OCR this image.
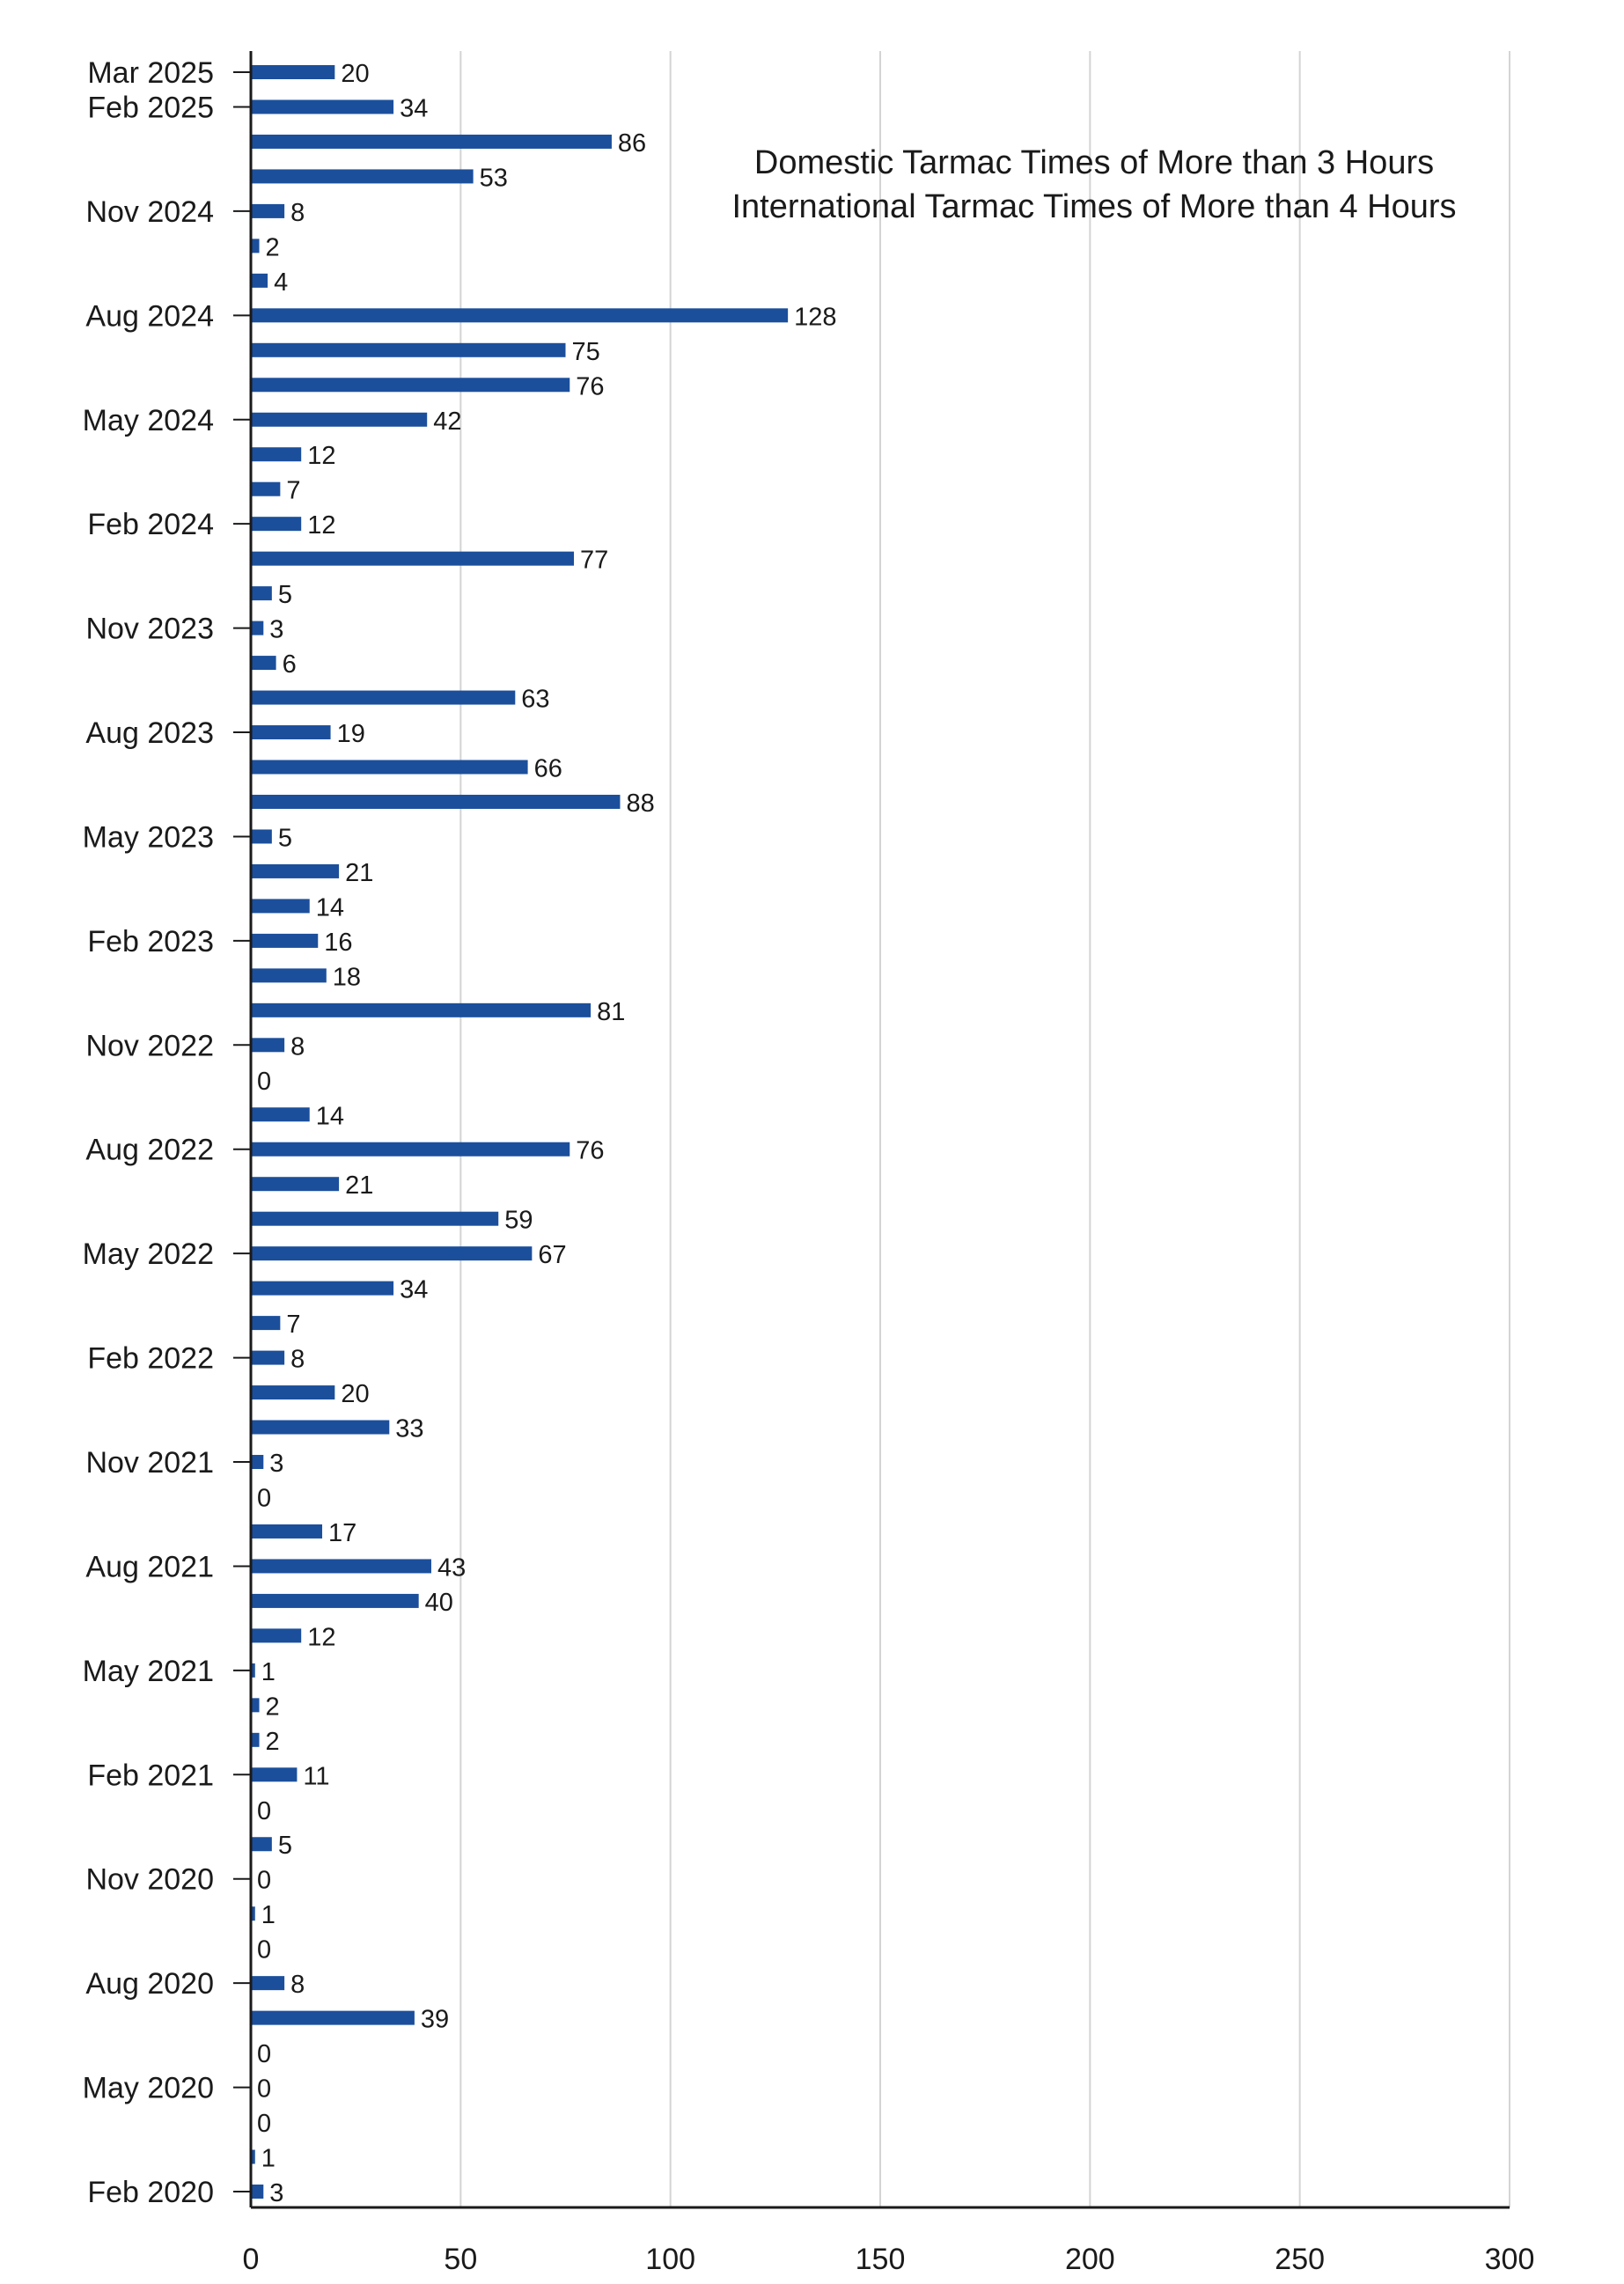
20
34
86
53
8
2
4
128
75
76
42
12
7
12
77
5
3
6
63
19
66
88
5
21
14
16
18
81
8
0
14
76
21
59
67
34
7
8
20
33
3
0
17
43
40
12
1
2
2
11
0
5
0
1
0
8
39
0
0
0
1
3
Mar 2025
Feb 2025
Nov 2024
Aug 2024
May 2024
Feb 2024
Nov 2023
Aug 2023
May 2023
Feb 2023
Nov 2022
Aug 2022
May 2022
Feb 2022
Nov 2021
Aug 2021
May 2021
Feb 2021
Nov 2020
Aug 2020
May 2020
Feb 2020
0	50	100	150	200	250	300
Domestic Tarmac Times of More than 3 Hours
International Tarmac Times of More than 4 Hours
